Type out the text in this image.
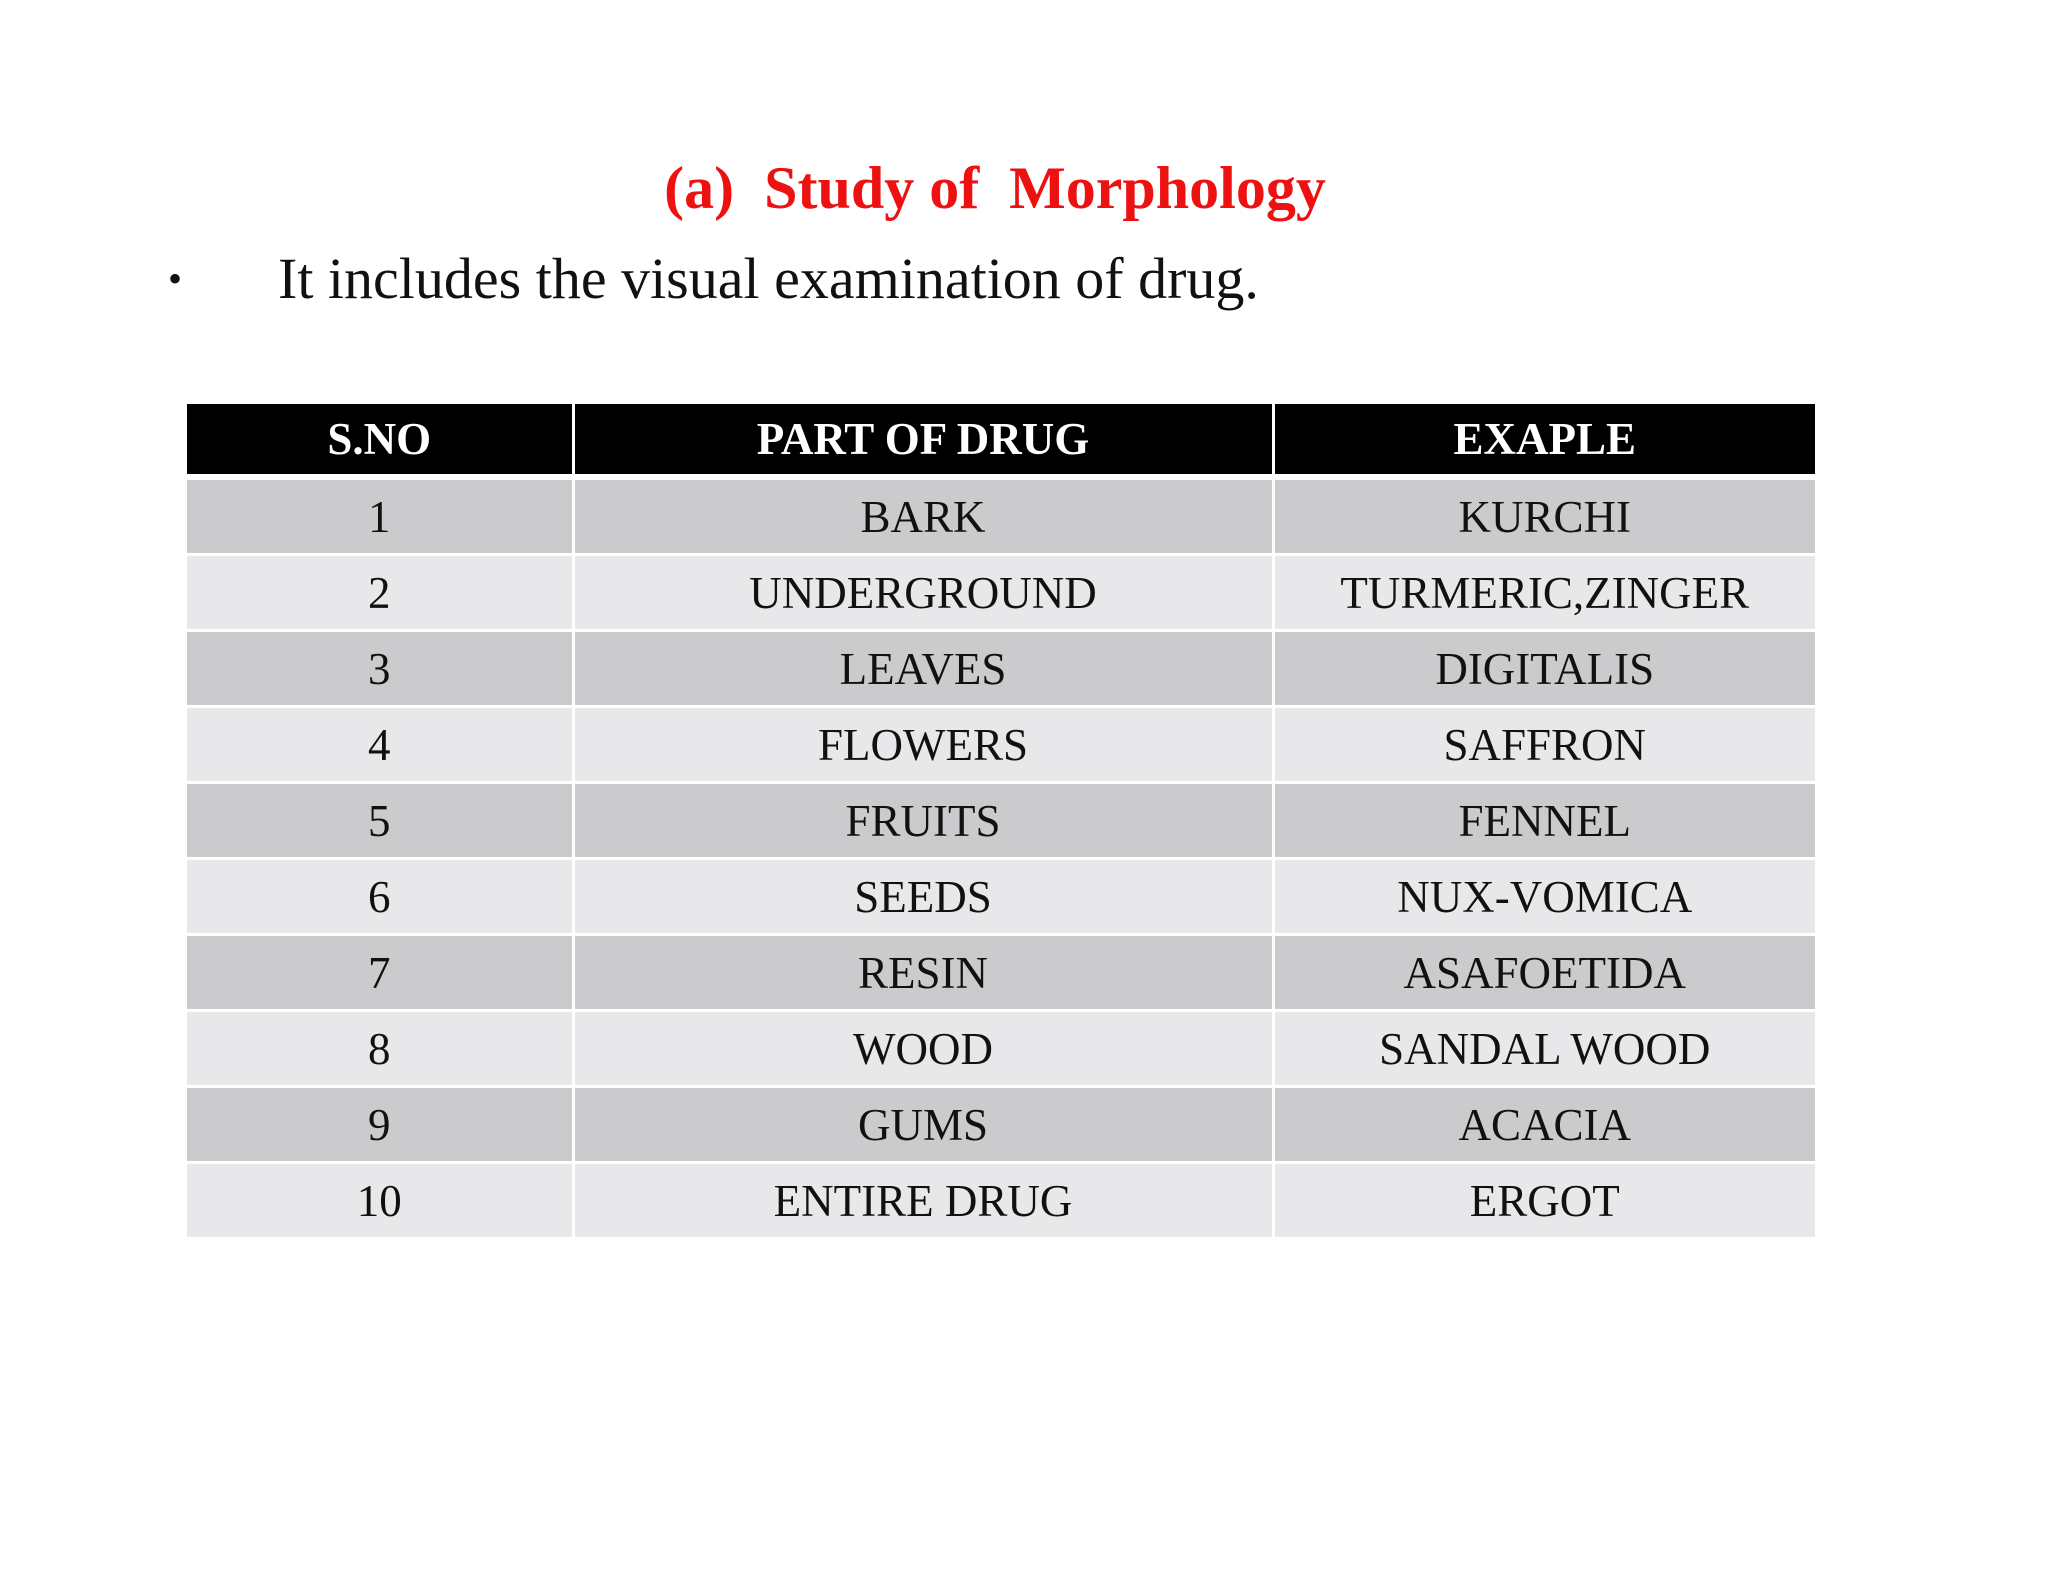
(a)  Study of  Morphology
•	It includes the visual examination of drug.
S.NO	PART OF DRUG	EXAPLE
1	BARK	KURCHI
2	UNDERGROUND	TURMERIC,ZINGER
3	LEAVES	DIGITALIS
4	FLOWERS	SAFFRON
5	FRUITS	FENNEL
6	SEEDS	NUX-VOMICA
7	RESIN	ASAFOETIDA
8	WOOD	SANDAL WOOD
9	GUMS	ACACIA
10	ENTIRE DRUG	ERGOT
